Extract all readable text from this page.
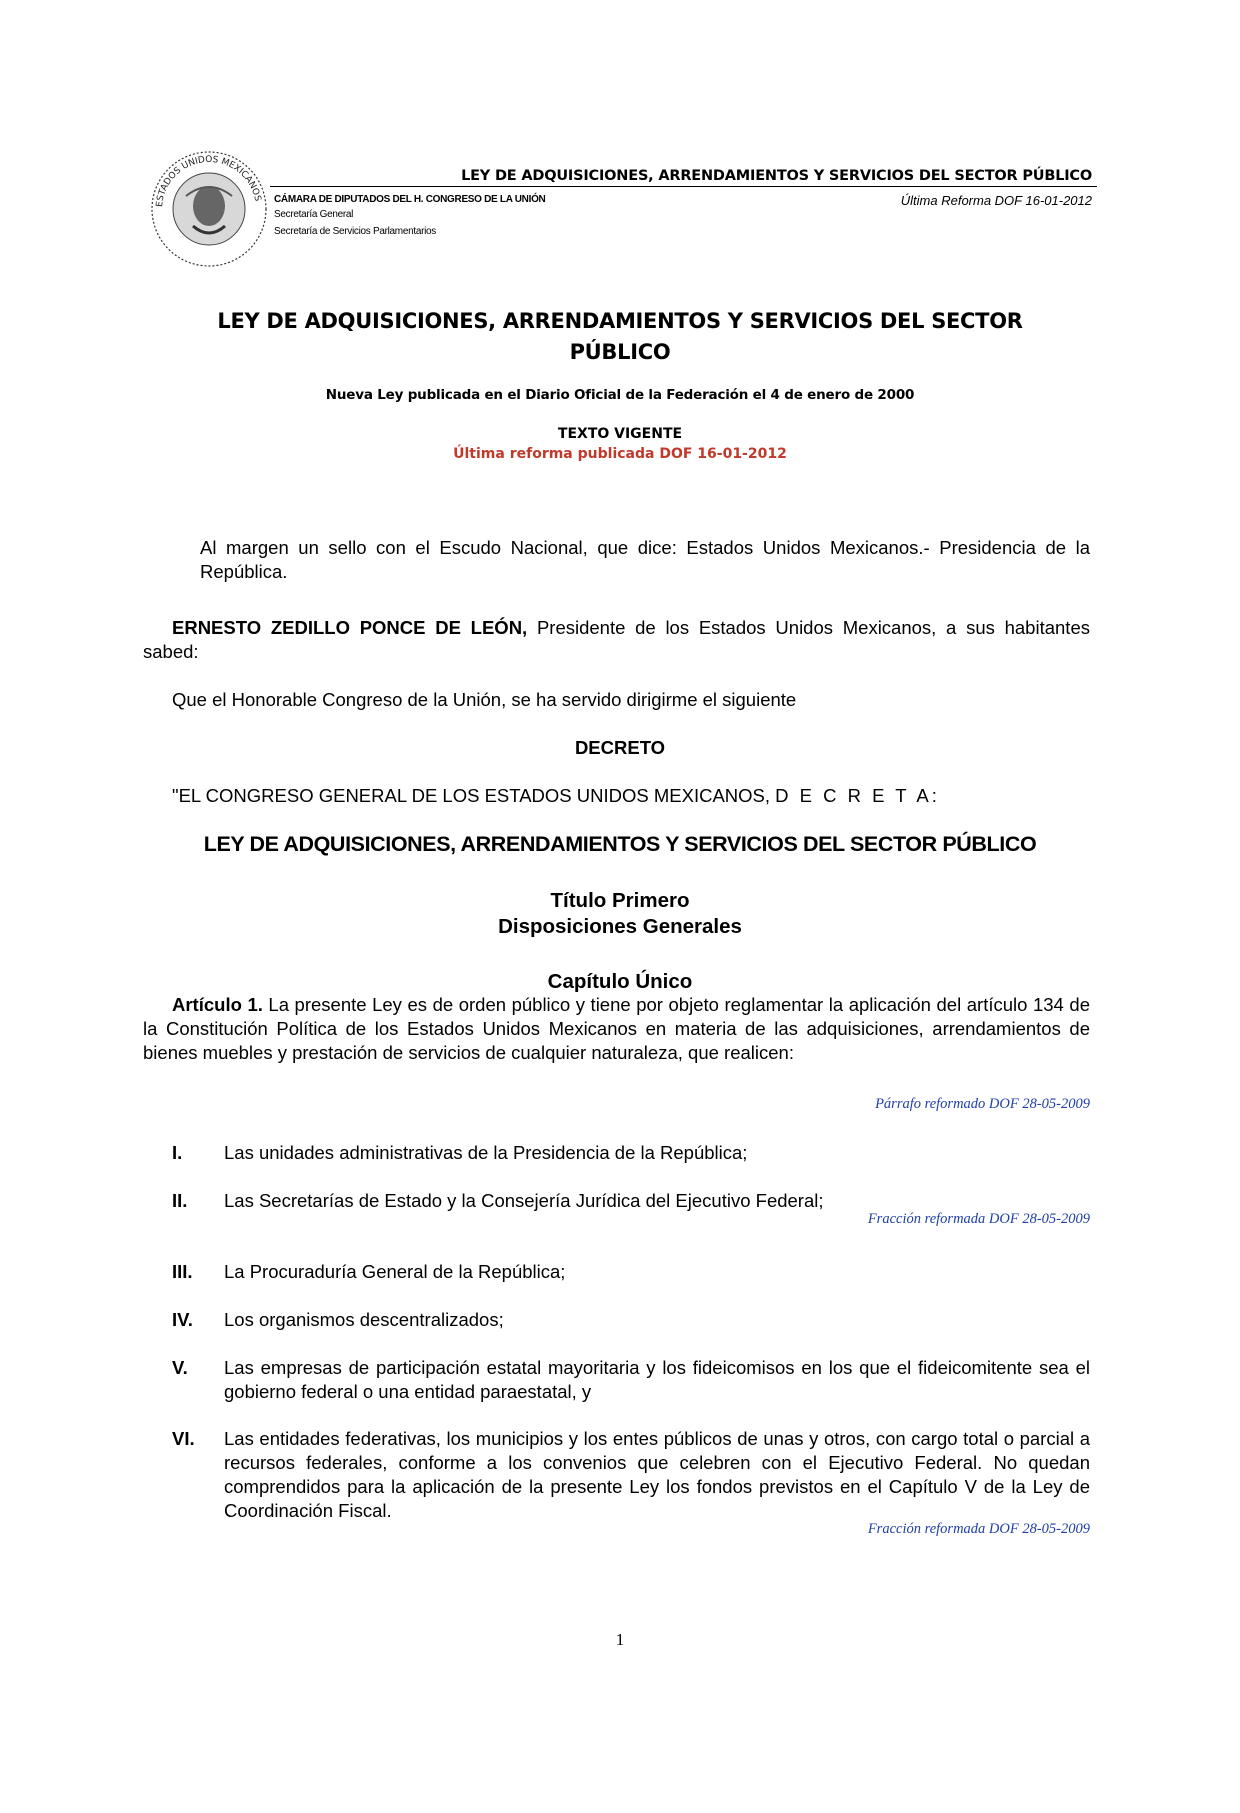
ESTADOS UNIDOS MEXICANOS
LEY DE ADQUISICIONES, ARRENDAMIENTOS Y SERVICIOS DEL SECTOR PÚBLICO
CÁMARA DE DIPUTADOS DEL H. CONGRESO DE LA UNIÓN
Secretaría General
Secretaría de Servicios Parlamentarios
Última Reforma DOF 16-01-2012
LEY DE ADQUISICIONES, ARRENDAMIENTOS Y SERVICIOS DEL SECTOR PÚBLICO
Nueva Ley publicada en el Diario Oficial de la Federación el 4 de enero de 2000
TEXTO VIGENTE
Última reforma publicada DOF 16-01-2012
Al margen un sello con el Escudo Nacional, que dice: Estados Unidos Mexicanos.- Presidencia de la República.
ERNESTO ZEDILLO PONCE DE LEÓN, Presidente de los Estados Unidos Mexicanos, a sus habitantes sabed:
Que el Honorable Congreso de la Unión, se ha servido dirigirme el siguiente
DECRETO
"EL CONGRESO GENERAL DE LOS ESTADOS UNIDOS MEXICANOS, D E C R E T A:
LEY DE ADQUISICIONES, ARRENDAMIENTOS Y SERVICIOS DEL SECTOR PÚBLICO
Título Primero
Disposiciones Generales
Capítulo Único
Artículo 1. La presente Ley es de orden público y tiene por objeto reglamentar la aplicación del artículo 134 de la Constitución Política de los Estados Unidos Mexicanos en materia de las adquisiciones, arrendamientos de bienes muebles y prestación de servicios de cualquier naturaleza, que realicen:
Párrafo reformado DOF 28-05-2009
I.	Las unidades administrativas de la Presidencia de la República;
II.	Las Secretarías de Estado y la Consejería Jurídica del Ejecutivo Federal;
Fracción reformada DOF 28-05-2009
III.	La Procuraduría General de la República;
IV.	Los organismos descentralizados;
V.	Las empresas de participación estatal mayoritaria y los fideicomisos en los que el fideicomitente sea el gobierno federal o una entidad paraestatal, y
VI.	Las entidades federativas, los municipios y los entes públicos de unas y otros, con cargo total o parcial a recursos federales, conforme a los convenios que celebren con el Ejecutivo Federal. No quedan comprendidos para la aplicación de la presente Ley los fondos previstos en el Capítulo V de la Ley de Coordinación Fiscal.
Fracción reformada DOF 28-05-2009
1
